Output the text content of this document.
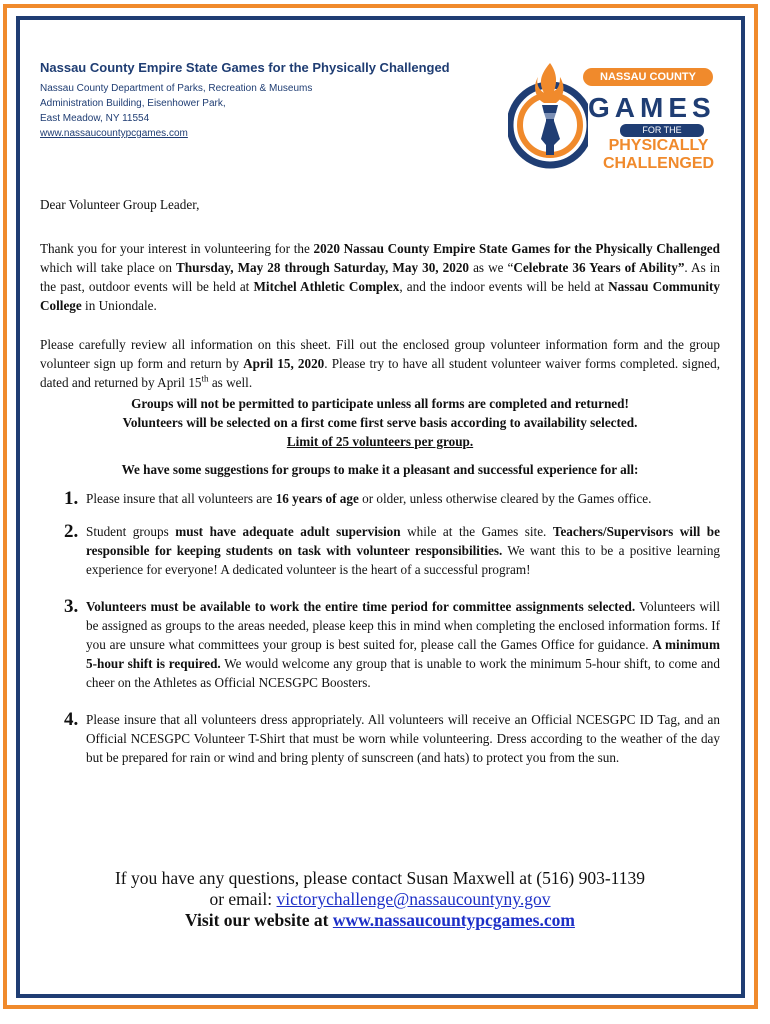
Nassau County Empire State Games for the Physically Challenged

Nassau County Department of Parks, Recreation & Museums
Administration Building, Eisenhower Park,
East Meadow, NY 11554
www.nassaucountypcgames.com
NASSAU COUNTY
GAMES
FOR THE
PHYSICALLY
CHALLENGED

Dear Volunteer Group Leader,

Thank you for your interest in volunteering for the 2020 Nassau County Empire State Games for the Physically Challenged which will take place on Thursday, May 28 through Saturday, May 30, 2020 as we “Celebrate 36 Years of Ability”. As in the past, outdoor events will be held at Mitchel Athletic Complex, and the indoor events will be held at Nassau Community College in Uniondale.

Please carefully review all information on this sheet. Fill out the enclosed group volunteer information form and the group volunteer sign up form and return by April 15, 2020. Please try to have all student volunteer waiver forms completed. signed, dated and returned by April 15th as well.

Groups will not be permitted to participate unless all forms are completed and returned!

Volunteers will be selected on a first come first serve basis according to availability selected.

Limit of 25 volunteers per group.

We have some suggestions for groups to make it a pleasant and successful experience for all:

1. Please insure that all volunteers are 16 years of age or older, unless otherwise cleared by the Games office.
2. Student groups must have adequate adult supervision while at the Games site. Teachers/Supervisors will be responsible for keeping students on task with volunteer responsibilities. We want this to be a positive learning experience for everyone! A dedicated volunteer is the heart of a successful program!
3. Volunteers must be available to work the entire time period for committee assignments selected. Volunteers will be assigned as groups to the areas needed, please keep this in mind when completing the enclosed information forms. If you are unsure what committees your group is best suited for, please call the Games Office for guidance. A minimum 5-hour shift is required. We would welcome any group that is unable to work the minimum 5-hour shift, to come and cheer on the Athletes as Official NCESGPC Boosters.
4. Please insure that all volunteers dress appropriately. All volunteers will receive an Official NCESGPC ID Tag, and an Official NCESGPC Volunteer T-Shirt that must be worn while volunteering. Dress according to the weather of the day but be prepared for rain or wind and bring plenty of sunscreen (and hats) to protect you from the sun.
If you have any questions, please contact Susan Maxwell at (516) 903-1139
or email: victorychallenge@nassaucountyny.gov
Visit our website at www.nassaucountypcgames.com
